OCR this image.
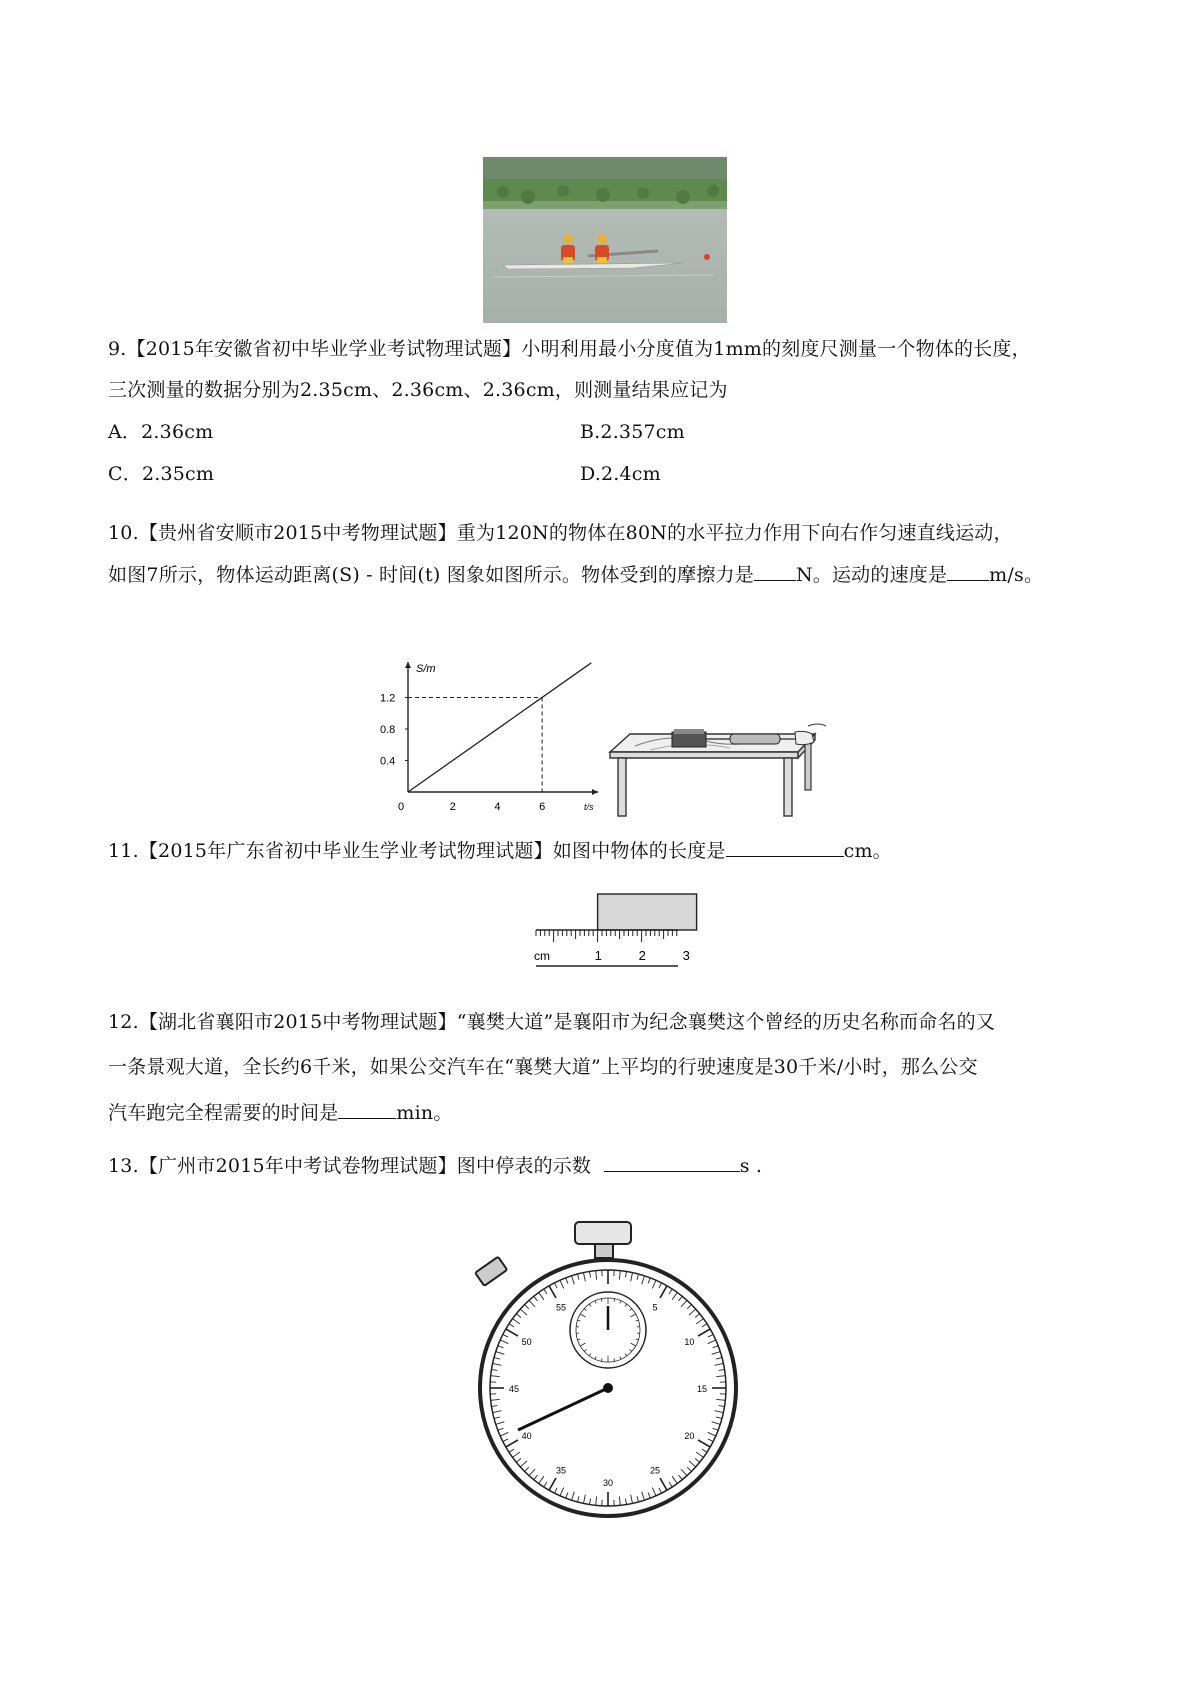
9.【2015年安徽省初中毕业学业考试物理试题】小明利用最小分度值为1mm的刻度尺测量一个物体的长度，
三次测量的数据分别为2.35cm、2.36cm、2.36cm，则测量结果应记为
A．2.36cm	B.2.357cm
C．2.35cm	D.2.4cm
10.【贵州省安顺市2015中考物理试题】重为120N的物体在80N的水平拉力作用下向右作匀速直线运动，
如图7所示，物体运动距离(S) - 时间(t) 图象如图所示。物体受到的摩擦力是 N。运动的速度是 m/s。
S/m
t/s
0	2	4	6
0.4
0.8
1.2
11.【2015年广东省初中毕业生学业考试物理试题】如图中物体的长度是	cm。
cm	1	2	3
12.【湖北省襄阳市2015中考物理试题】“襄樊大道”是襄阳市为纪念襄樊这个曾经的历史名称而命名的又
一条景观大道，全长约6千米，如果公交汽车在“襄樊大道”上平均的行驶速度是30千米/小时，那么公交
汽车跑完全程需要的时间是	min。
13.【广州市2015年中考试卷物理试题】图中停表的示数	s .
5
10
15
20
25
30
35
40
45
50
55
